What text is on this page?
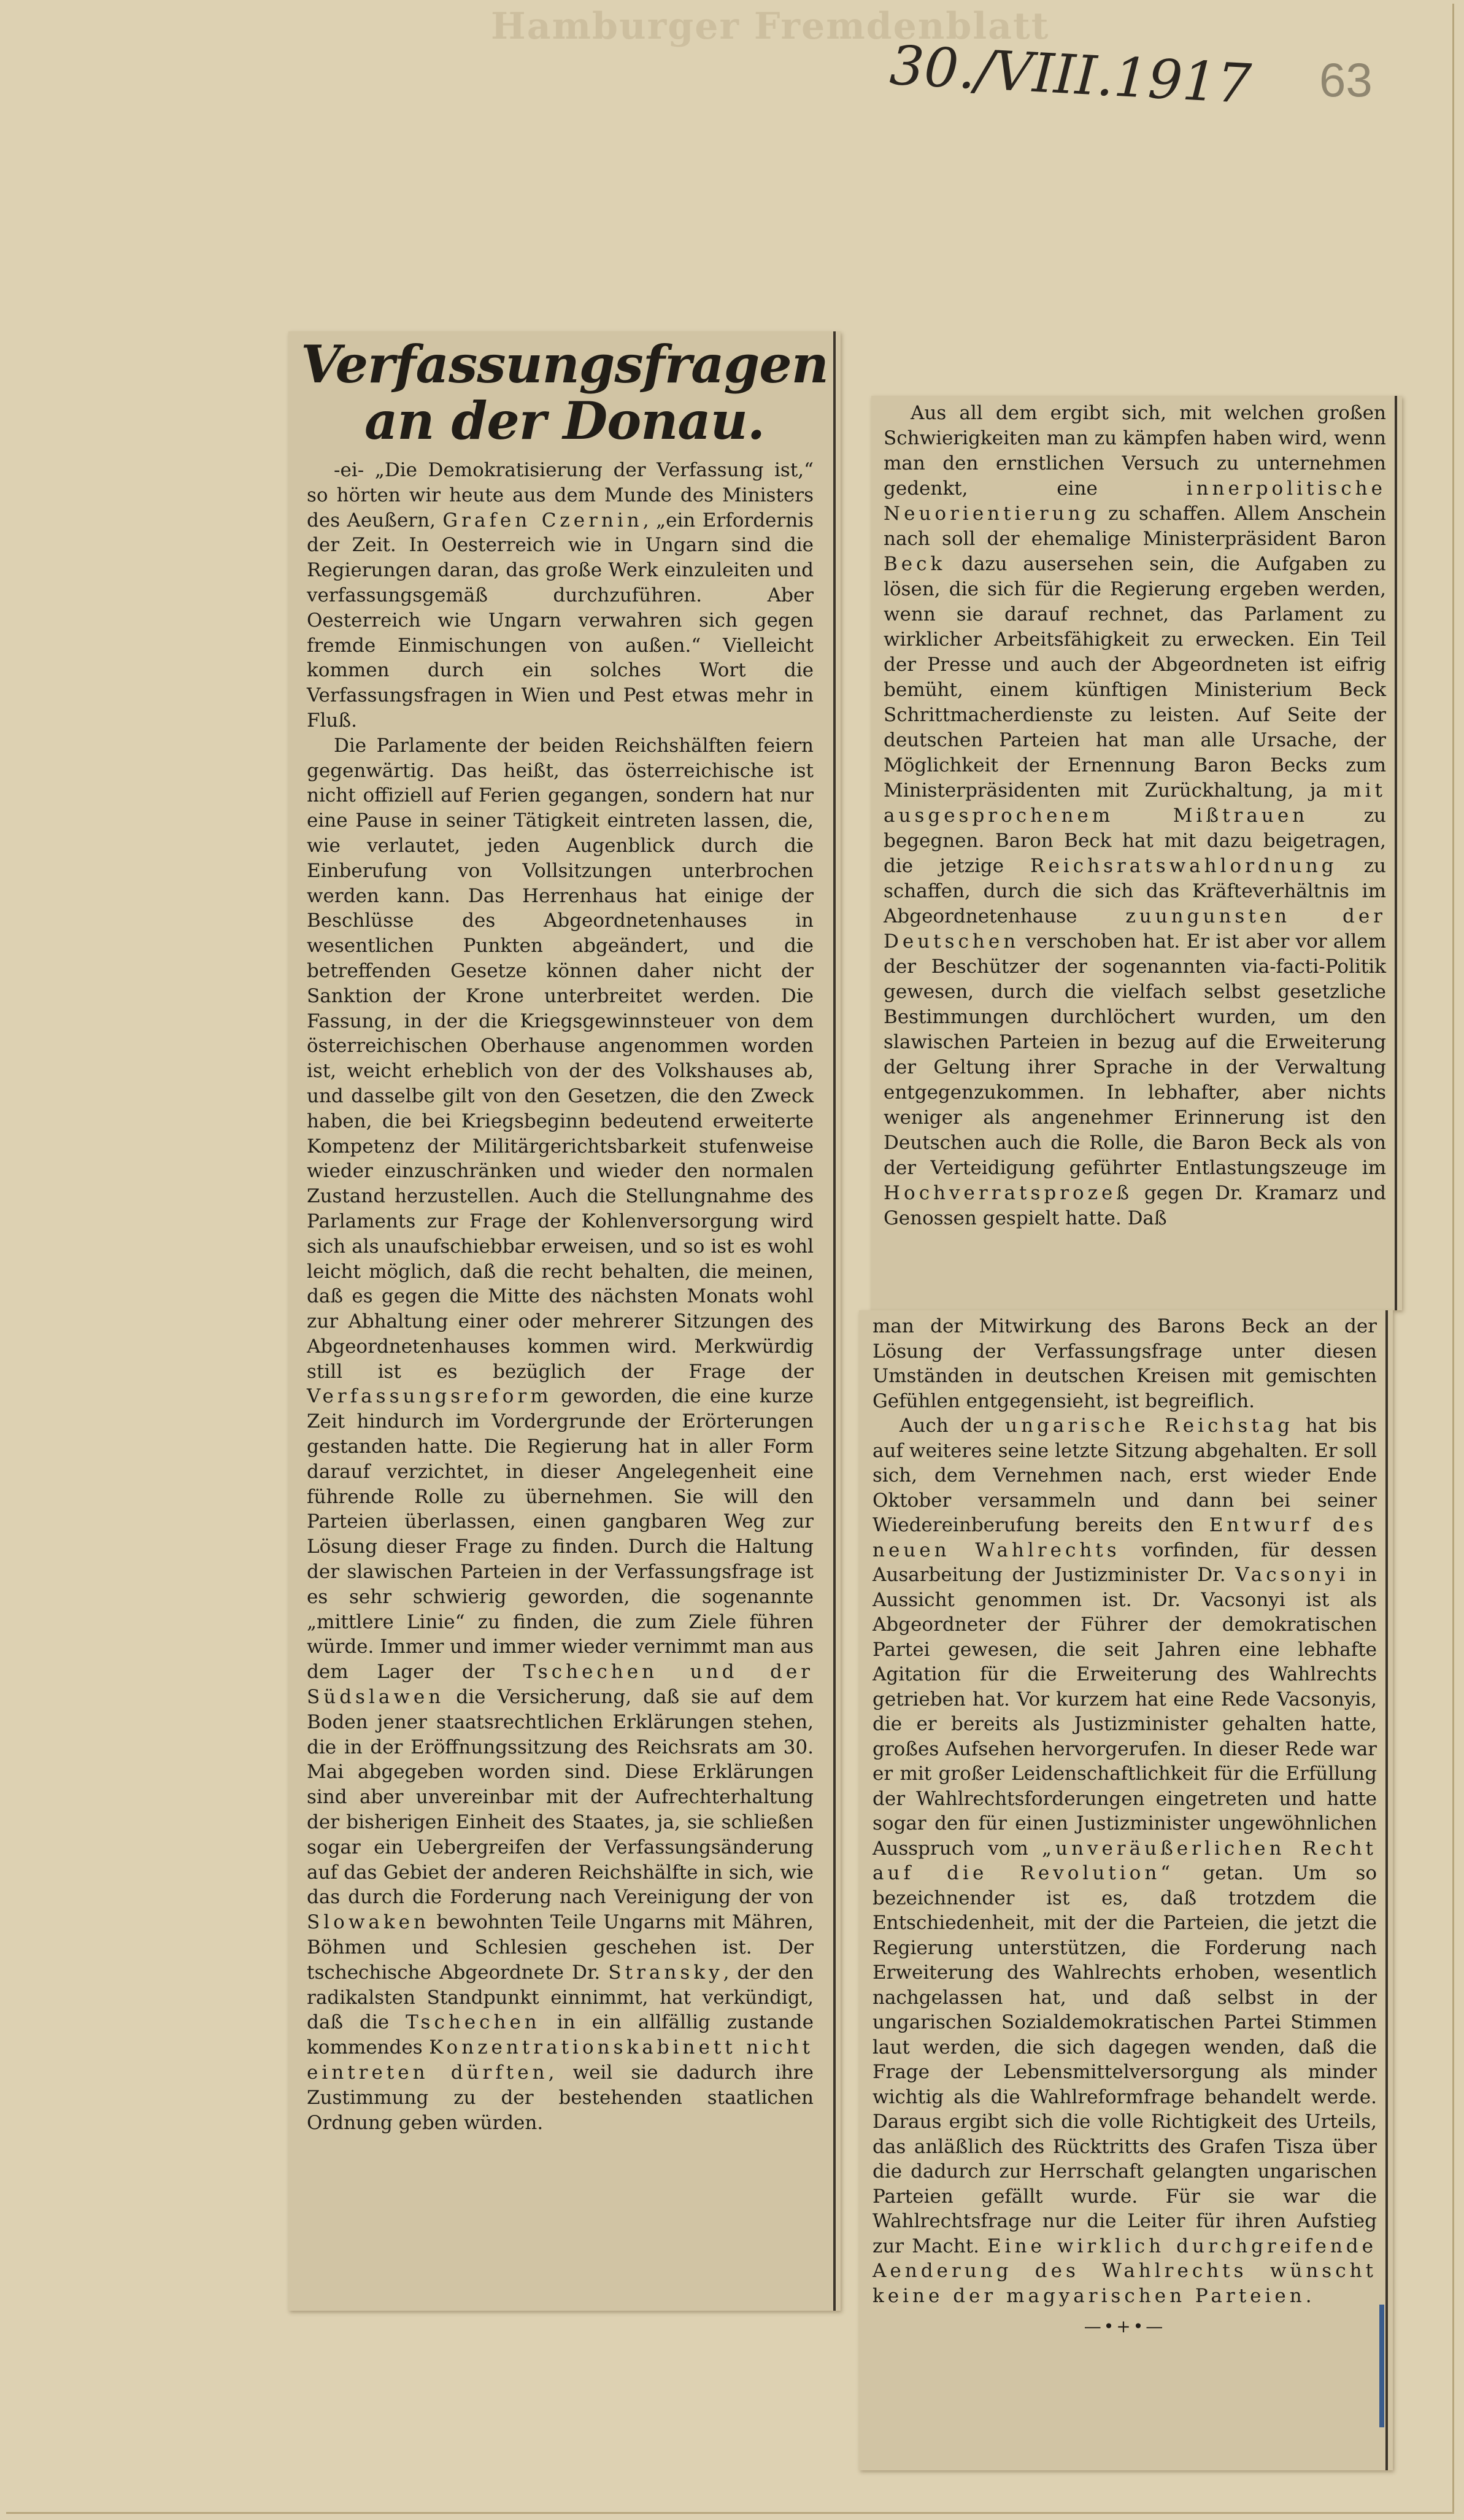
Hamburger Fremdenblatt
30./VIII.1917 63
Verfassungsfragen
an der Donau.

-ei- „Die Demokratisierung der Verfassung ist,“ so hörten wir heute aus dem Munde des Ministers des Aeußern, Grafen Czernin, „ein Erfordernis der Zeit. In Oesterreich wie in Ungarn sind die Regierungen daran, das große Werk einzuleiten und verfassungsgemäß durchzuführen. Aber Oesterreich wie Ungarn verwahren sich gegen fremde Einmischungen von außen.“ Vielleicht kommen durch ein solches Wort die Verfassungsfragen in Wien und Pest etwas mehr in Fluß.

Die Parlamente der beiden Reichshälften feiern gegenwärtig. Das heißt, das österreichische ist nicht offiziell auf Ferien gegangen, sondern hat nur eine Pause in seiner Tätigkeit eintreten lassen, die, wie verlautet, jeden Augenblick durch die Einberufung von Vollsitzungen unterbrochen werden kann. Das Herrenhaus hat einige der Beschlüsse des Abgeordnetenhauses in wesentlichen Punkten abgeändert, und die betreffenden Gesetze können daher nicht der Sanktion der Krone unterbreitet werden. Die Fassung, in der die Kriegsgewinnsteuer von dem österreichischen Oberhause angenommen worden ist, weicht erheblich von der des Volkshauses ab, und dasselbe gilt von den Gesetzen, die den Zweck haben, die bei Kriegsbeginn bedeutend erweiterte Kompetenz der Militärgerichtsbarkeit stufenweise wieder einzuschränken und wieder den normalen Zustand herzustellen. Auch die Stellungnahme des Parlaments zur Frage der Kohlenversorgung wird sich als unaufschiebbar erweisen, und so ist es wohl leicht möglich, daß die recht behalten, die meinen, daß es gegen die Mitte des nächsten Monats wohl zur Abhaltung einer oder mehrerer Sitzungen des Abgeordnetenhauses kommen wird. Merkwürdig still ist es bezüglich der Frage der Verfassungsreform geworden, die eine kurze Zeit hindurch im Vordergrunde der Erörterungen gestanden hatte. Die Regierung hat in aller Form darauf verzichtet, in dieser Angelegenheit eine führende Rolle zu übernehmen. Sie will den Parteien überlassen, einen gangbaren Weg zur Lösung dieser Frage zu finden. Durch die Haltung der slawischen Parteien in der Verfassungsfrage ist es sehr schwierig geworden, die sogenannte „mittlere Linie“ zu finden, die zum Ziele führen würde. Immer und immer wieder vernimmt man aus dem Lager der Tschechen und der Südslawen die Versicherung, daß sie auf dem Boden jener staatsrechtlichen Erklärungen stehen, die in der Eröffnungssitzung des Reichsrats am 30. Mai abgegeben worden sind. Diese Erklärungen sind aber unvereinbar mit der Aufrechterhaltung der bisherigen Einheit des Staates, ja, sie schließen sogar ein Uebergreifen der Verfassungsänderung auf das Gebiet der anderen Reichshälfte in sich, wie das durch die Forderung nach Vereinigung der von Slowaken bewohnten Teile Ungarns mit Mähren, Böhmen und Schlesien geschehen ist. Der tschechische Abgeordnete Dr. Stransky, der den radikalsten Standpunkt einnimmt, hat verkündigt, daß die Tschechen in ein allfällig zustande kommendes Konzentrationskabinett nicht eintreten dürften, weil sie dadurch ihre Zustimmung zu der bestehenden staatlichen Ordnung geben würden.

Aus all dem ergibt sich, mit welchen großen Schwierigkeiten man zu kämpfen haben wird, wenn man den ernstlichen Versuch zu unternehmen gedenkt, eine innerpolitische Neuorientierung zu schaffen. Allem Anschein nach soll der ehemalige Ministerpräsident Baron Beck dazu ausersehen sein, die Aufgaben zu lösen, die sich für die Regierung ergeben werden, wenn sie darauf rechnet, das Parlament zu wirklicher Arbeitsfähigkeit zu erwecken. Ein Teil der Presse und auch der Abgeordneten ist eifrig bemüht, einem künftigen Ministerium Beck Schrittmacherdienste zu leisten. Auf Seite der deutschen Parteien hat man alle Ursache, der Möglichkeit der Ernennung Baron Becks zum Ministerpräsidenten mit Zurückhaltung, ja mit ausgesprochenem Mißtrauen zu begegnen. Baron Beck hat mit dazu beigetragen, die jetzige Reichsratswahlordnung zu schaffen, durch die sich das Kräfteverhältnis im Abgeordnetenhause zuungunsten der Deutschen verschoben hat. Er ist aber vor allem der Beschützer der sogenannten via-facti-Politik gewesen, durch die vielfach selbst gesetzliche Bestimmungen durchlöchert wurden, um den slawischen Parteien in bezug auf die Erweiterung der Geltung ihrer Sprache in der Verwaltung entgegenzukommen. In lebhafter, aber nichts weniger als angenehmer Erinnerung ist den Deutschen auch die Rolle, die Baron Beck als von der Verteidigung geführter Entlastungszeuge im Hochverratsprozeß gegen Dr. Kramarz und Genossen gespielt hatte. Daß

man der Mitwirkung des Barons Beck an der Lösung der Verfassungsfrage unter diesen Umständen in deutschen Kreisen mit gemischten Gefühlen entgegensieht, ist begreiflich.

Auch der ungarische Reichstag hat bis auf weiteres seine letzte Sitzung abgehalten. Er soll sich, dem Vernehmen nach, erst wieder Ende Oktober versammeln und dann bei seiner Wiedereinberufung bereits den Entwurf des neuen Wahlrechts vorfinden, für dessen Ausarbeitung der Justizminister Dr. Vacsonyi in Aussicht genommen ist. Dr. Vacsonyi ist als Abgeordneter der Führer der demokratischen Partei gewesen, die seit Jahren eine lebhafte Agitation für die Erweiterung des Wahlrechts getrieben hat. Vor kurzem hat eine Rede Vacsonyis, die er bereits als Justizminister gehalten hatte, großes Aufsehen hervorgerufen. In dieser Rede war er mit großer Leidenschaftlichkeit für die Erfüllung der Wahlrechtsforderungen eingetreten und hatte sogar den für einen Justizminister ungewöhnlichen Ausspruch vom „unveräußerlichen Recht auf die Revolution“ getan. Um so bezeichnender ist es, daß trotzdem die Entschiedenheit, mit der die Parteien, die jetzt die Regierung unterstützen, die Forderung nach Erweiterung des Wahlrechts erhoben, wesentlich nachgelassen hat, und daß selbst in der ungarischen Sozialdemokratischen Partei Stimmen laut werden, die sich dagegen wenden, daß die Frage der Lebensmittelversorgung als minder wichtig als die Wahlreformfrage behandelt werde. Daraus ergibt sich die volle Richtigkeit des Urteils, das anläßlich des Rücktritts des Grafen Tisza über die dadurch zur Herrschaft gelangten ungarischen Parteien gefällt wurde. Für sie war die Wahlrechtsfrage nur die Leiter für ihren Aufstieg zur Macht. Eine wirklich durchgreifende Aenderung des Wahlrechts wünscht keine der magyarischen Parteien.

—•+•—
